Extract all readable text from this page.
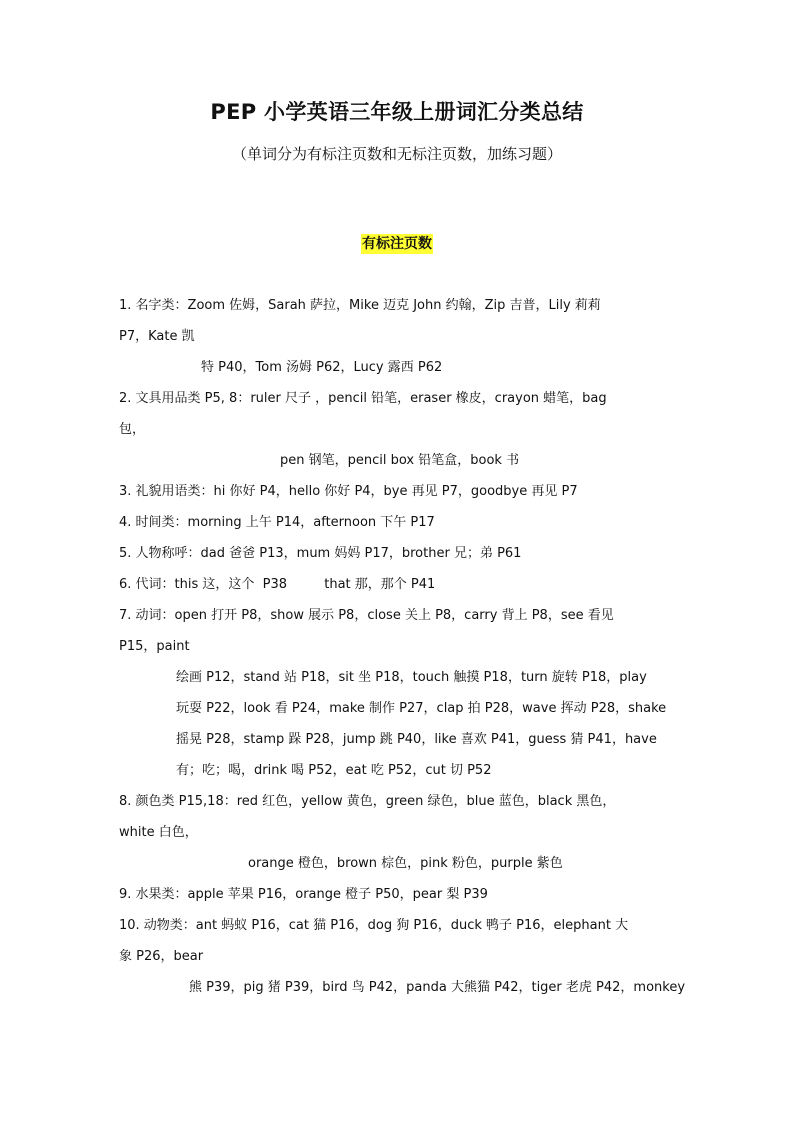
PEP 小学英语三年级上册词汇分类总结
（单词分为有标注页数和无标注页数，加练习题）
有标注页数
1. 名字类：Zoom 佐姆，Sarah 萨拉，Mike 迈克 John 约翰，Zip 吉普，Lily 莉莉
P7，Kate 凯
特 P40，Tom 汤姆 P62，Lucy 露西 P62
2. 文具用品类 P5, 8：ruler 尺子 ，pencil 铅笔，eraser 橡皮，crayon 蜡笔，bag
包，
pen 钢笔，pencil box 铅笔盒，book 书
3. 礼貌用语类：hi 你好 P4，hello 你好 P4，bye 再见 P7，goodbye 再见 P7
4. 时间类：morning 上午 P14，afternoon 下午 P17
5. 人物称呼：dad 爸爸 P13，mum 妈妈 P17，brother 兄；弟 P61
6. 代词：this 这，这个  P38         that 那，那个 P41
7. 动词：open 打开 P8，show 展示 P8，close 关上 P8，carry 背上 P8，see 看见
P15，paint
绘画 P12，stand 站 P18，sit 坐 P18，touch 触摸 P18，turn 旋转 P18，play
玩耍 P22，look 看 P24，make 制作 P27，clap 拍 P28，wave 挥动 P28，shake
摇晃 P28，stamp 跺 P28，jump 跳 P40，like 喜欢 P41，guess 猜 P41，have
有；吃；喝，drink 喝 P52，eat 吃 P52，cut 切 P52
8. 颜色类 P15,18：red 红色，yellow 黄色，green 绿色，blue 蓝色，black 黑色，
white 白色，
orange 橙色，brown 棕色，pink 粉色，purple 紫色
9. 水果类：apple 苹果 P16，orange 橙子 P50，pear 梨 P39
10. 动物类：ant 蚂蚁 P16，cat 猫 P16，dog 狗 P16，duck 鸭子 P16，elephant 大
象 P26，bear
熊 P39，pig 猪 P39，bird 鸟 P42，panda 大熊猫 P42，tiger 老虎 P42，monkey
